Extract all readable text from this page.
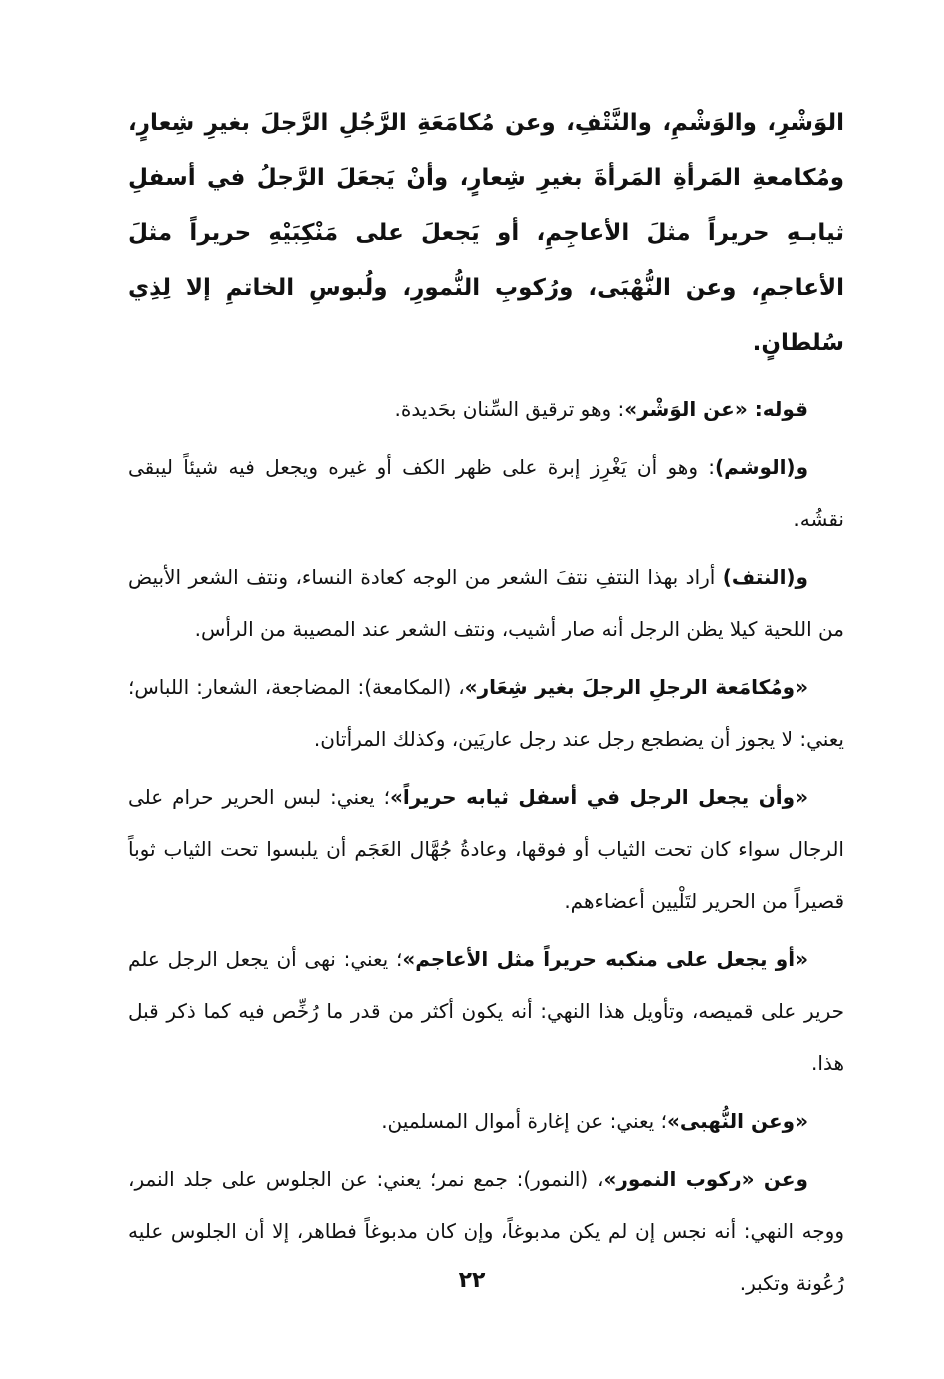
الوَشْرِ، والوَشْمِ، والنَّتْفِ، وعن مُكامَعَةِ الرَّجُلِ الرَّجلَ بغيرِ شِعارٍ، ومُكامعةِ المَرأةِ المَرأةَ بغيرِ شِعارٍ، وأنْ يَجعَلَ الرَّجلُ في أسفلِ ثيابـهِ حريراً مثلَ الأعاجِمِ، أو يَجعلَ على مَنْكِبَيْهِ حريراً مثلَ الأعاجمِ، وعن النُّهْبَى، ورُكوبِ النُّمورِ، ولُبوسِ الخاتمِ إلا لِذِي سُلطانٍ.

قوله: «عن الوَشْر»: وهو ترقيق السِّنان بحَديدة.

و(الوشم): وهو أن يَغْرِز إبرة على ظهر الكف أو غيره ويجعل فيه شيئاً ليبقى نقشُه.

و(النتف) أراد بهذا النتفِ نتفَ الشعر من الوجه كعادة النساء، ونتف الشعر الأبيض من اللحية كيلا يظن الرجل أنه صار أشيب، ونتف الشعر عند المصيبة من الرأس.

«ومُكامَعة الرجلِ الرجلَ بغير شِعَار»، (المكامعة): المضاجعة، الشعار: اللباس؛ يعني: لا يجوز أن يضطجع رجل عند رجل عاريَين، وكذلك المرأتان.

«وأن يجعل الرجل في أسفل ثيابه حريراً»؛ يعني: لبس الحرير حرام على الرجال سواء كان تحت الثياب أو فوقها، وعادةُ جُهَّال العَجَم أن يلبسوا تحت الثياب ثوباً قصيراً من الحرير لتَلْيين أعضاءهم.

«أو يجعل على منكبه حريراً مثل الأعاجم»؛ يعني: نهى أن يجعل الرجل علم حرير على قميصه، وتأويل هذا النهي: أنه يكون أكثر من قدر ما رُخِّص فيه كما ذكر قبل هذا.

«وعن النُّهبى»؛ يعني: عن إغارة أموال المسلمين.

وعن «ركوب النمور»، (النمور): جمع نمر؛ يعني: عن الجلوس على جلد النمر، ووجه النهي: أنه نجس إن لم يكن مدبوغاً، وإن كان مدبوغاً فطاهر، إلا أن الجلوس عليه رُعُونة وتكبر.

٢٢
